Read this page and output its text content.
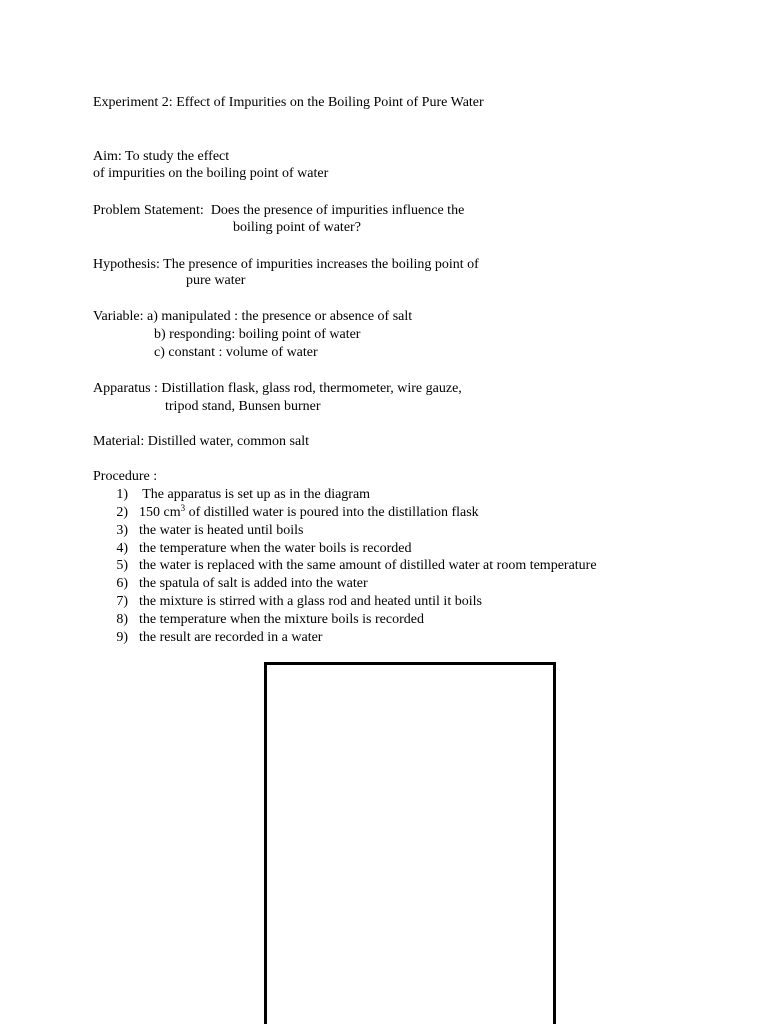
Experiment 2: Effect of Impurities on the Boiling Point of Pure Water
Aim: To study the effect
of impurities on the boiling point of water
Problem Statement:  Does the presence of impurities influence the
boiling point of water?
Hypothesis: The presence of impurities increases the boiling point of
pure water
Variable: a) manipulated : the presence or absence of salt
b) responding: boiling point of water
c) constant : volume of water
Apparatus : Distillation flask, glass rod, thermometer, wire gauze,
tripod stand, Bunsen burner
Material: Distilled water, common salt
Procedure :
1) The apparatus is set up as in the diagram
2) 150 $cm^3$ of distilled water is poured into the distillation flask
3) the water is heated until boils
4) the temperature when the water boils is recorded
5) the water is replaced with the same amount of distilled water at room temperature
6) the spatula of salt is added into the water
7) the mixture is stirred with a glass rod and heated until it boils
8) the temperature when the mixture boils is recorded
9) the result are recorded in a water
